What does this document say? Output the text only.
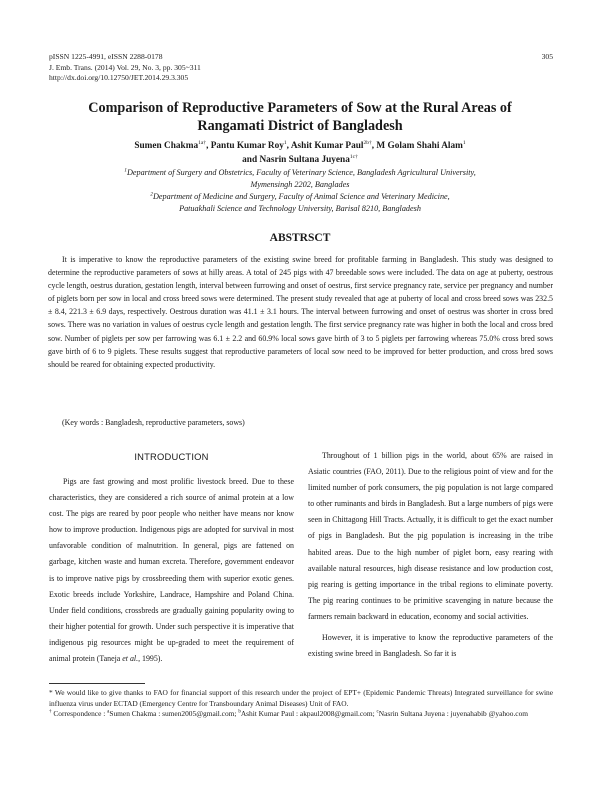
pISSN 1225-4991, eISSN 2288-0178
J. Emb. Trans. (2014) Vol. 29, No. 3, pp. 305~311
http://dx.doi.org/10.12750/JET.2014.29.3.305
305
Comparison of Reproductive Parameters of Sow at the Rural Areas of
Rangamati District of Bangladesh
Sumen Chakma$^{1a\dagger}$, Pantu Kumar Roy$^1$, Ashit Kumar Paul$^{2b\dagger}$, M Golam Shahi Alam$^1$
and Nasrin Sultana Juyena$^{1c\dagger}$
$^1$Department of Surgery and Obstetrics, Faculty of Veterinary Science, Bangladesh Agricultural University,
Mymensingh 2202, Banglades
$^2$Department of Medicine and Surgery, Faculty of Animal Science and Veterinary Medicine,
Patuakhali Science and Technology University, Barisal 8210, Bangladesh
ABSTRSCT

It is imperative to know the reproductive parameters of the existing swine breed for profitable farming in Bangladesh. This study was designed to determine the reproductive parameters of sows at hilly areas. A total of 245 pigs with 47 breedable sows were included. The data on age at puberty, oestrous cycle length, oestrus duration, gestation length, interval between furrowing and onset of oestrus, first service pregnancy rate, service per pregnancy and number of piglets born per sow in local and cross breed sows were determined. The present study revealed that age at puberty of local and cross breed sows was 232.5 ± 8.4, 221.3 ± 6.9 days, respectively. Oestrous duration was 41.1 ± 3.1 hours. The interval between furrowing and onset of oestrus was shorter in cross bred sows. There was no variation in values of oestrus cycle length and gestation length. The first service pregnancy rate was higher in both the local and cross bred sow. Number of piglets per sow per farrowing was 6.1 ± 2.2 and 60.9% local sows gave birth of 3 to 5 piglets per farrowing whereas 75.0% cross bred sows gave birth of 6 to 9 piglets. These results suggest that reproductive parameters of local sow need to be improved for better production, and cross bred sows should be reared for obtaining expected productivity.

(Key words : Bangladesh, reproductive parameters, sows)

INTRODUCTION

Pigs are fast growing and most prolific livestock breed. Due to these characteristics, they are considered a rich source of animal protein at a low cost. The pigs are reared by poor people who neither have means nor know how to improve production. Indigenous pigs are adopted for survival in most unfavorable condition of malnutrition. In general, pigs are fattened on garbage, kitchen waste and human excreta. Therefore, government endeavor is to improve native pigs by crossbreeding them with superior exotic genes. Exotic breeds include Yorkshire, Landrace, Hampshire and Poland China. Under field conditions, crossbreds are gradually gaining popularity owing to their higher potential for growth. Under such perspective it is imperative that indigenous pig resources might be up-graded to meet the requirement of animal protein (Taneja et al., 1995).

Throughout of 1 billion pigs in the world, about 65% are raised in Asiatic countries (FAO, 2011). Due to the religious point of view and for the limited number of pork consumers, the pig population is not large compared to other ruminants and birds in Bangladesh. But a large numbers of pigs were seen in Chittagong Hill Tracts. Actually, it is difficult to get the exact number of pigs in Bangladesh. But the pig population is increasing in the tribe habited areas. Due to the high number of piglet born, easy rearing with available natural resources, high disease resistance and low production cost, pig rearing is getting importance in the tribal regions to eliminate poverty. The pig rearing continues to be primitive scavenging in nature because the farmers remain backward in education, economy and social activities.

However, it is imperative to know the reproductive parameters of the existing swine breed in Bangladesh. So far it is

* We would like to give thanks to FAO for financial support of this research under the project of EPT+ (Epidemic Pandemic Threats) Integrated surveillance for swine influenza virus under ECTAD (Emergency Centre for Transboundary Animal Diseases) Unit of FAO.

† Correspondence : $^a$Sumen Chakma : sumen2005@gmail.com; $^b$Ashit Kumar Paul : akpaul2008@gmail.com; $^c$Nasrin Sultana Juyena : juyenahabib @yahoo.com
